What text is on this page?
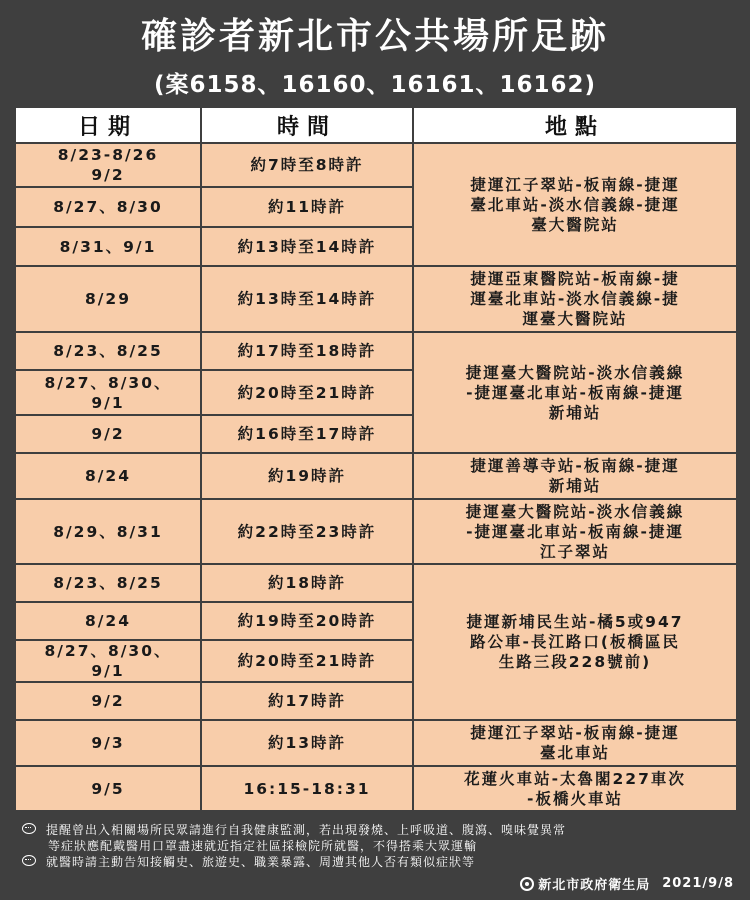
確診者新北市公共場所足跡
(案6158、16160、16161、16162)
日期	時間	地點
8/23-8/26
9/2	約7時至8時許	捷運江子翠站-板南線-捷運
臺北車站-淡水信義線-捷運
臺大醫院站
8/27、8/30	約11時許	
8/31、9/1	約13時至14時許	
8/29	約13時至14時許	捷運亞東醫院站-板南線-捷
運臺北車站-淡水信義線-捷
運臺大醫院站
8/23、8/25	約17時至18時許	捷運臺大醫院站-淡水信義線
-捷運臺北車站-板南線-捷運
新埔站
8/27、8/30、
9/1	約20時至21時許	
9/2	約16時至17時許	
8/24	約19時許	捷運善導寺站-板南線-捷運
新埔站
8/29、8/31	約22時至23時許	捷運臺大醫院站-淡水信義線
-捷運臺北車站-板南線-捷運
江子翠站
8/23、8/25	約18時許	捷運新埔民生站-橘5或947
路公車-長江路口(板橋區民
生路三段228號前)
8/24	約19時至20時許	
8/27、8/30、
9/1	約20時至21時許	
9/2	約17時許	
9/3	約13時許	捷運江子翠站-板南線-捷運
臺北車站
9/5	16:15-18:31	花蓮火車站-太魯閣227車次
-板橋火車站
提醒曾出入相關場所民眾請進行自我健康監測，若出現發燒、上呼吸道、腹瀉、嗅味覺異常
等症狀應配戴醫用口罩盡速就近指定社區採檢院所就醫，不得搭乘大眾運輸
就醫時請主動告知接觸史、旅遊史、職業暴露、周遭其他人否有類似症狀等
新北市政府衛生局 2021/9/8
